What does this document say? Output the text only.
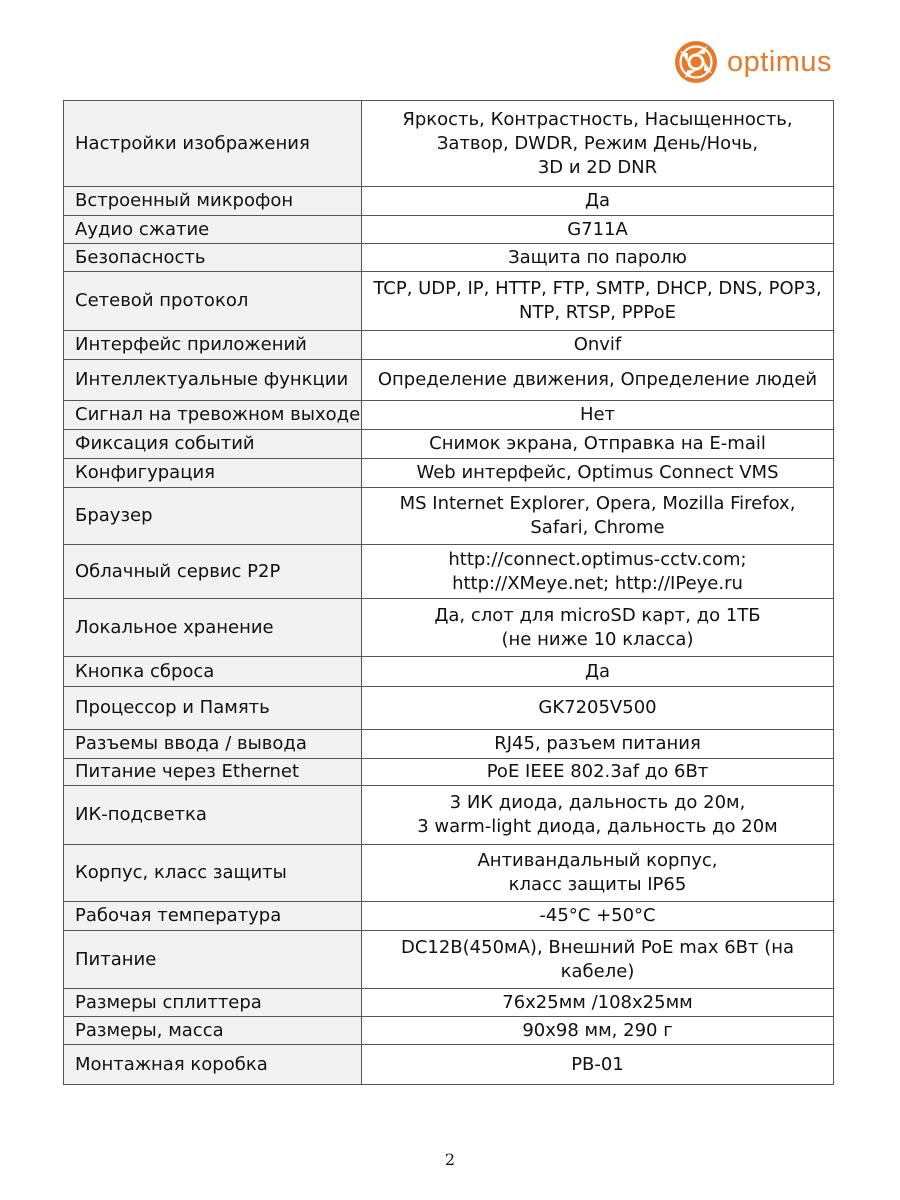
optimus
Настройки изображения	Яркость, Контрастность, Насыщенность,
Затвор, DWDR, Режим День/Ночь,
3D и 2D DNR
Встроенный микрофон	Да
Аудио сжатие	G711A
Безопасность	Защита по паролю
Сетевой протокол	TCP, UDP, IP, HTTP, FTP, SMTP, DHCP, DNS, POP3,
NTP, RTSP, PPPoE
Интерфейс приложений	Onvif
Интеллектуальные функции	Определение движения, Определение людей
Сигнал на тревожном выходе	Нет
Фиксация событий	Снимок экрана, Отправка на E-mail
Конфигурация	Web интерфейс, Optimus Connect VMS
Браузер	MS Internet Explorer, Opera, Mozilla Firefox,
Safari, Chrome
Облачный сервис P2P	http://connect.optimus-cctv.com;
http://XMeye.net; http://IPeye.ru
Локальное хранение	Да, слот для microSD карт, до 1ТБ
(не ниже 10 класса)
Кнопка сброса	Да
Процессор и Память	GK7205V500
Разъемы ввода / вывода	RJ45, разъем питания
Питание через Ethernet	PoE IEEE 802.3af до 6Вт
ИК-подсветка	3 ИК диода, дальность до 20м,
3 warm-light диода, дальность до 20м
Корпус, класс защиты	Антивандальный корпус,
класс защиты IP65
Рабочая температура	-45°C +50°C
Питание	DC12В(450мА), Внешний PoE max 6Вт (на кабеле)
Размеры сплиттера	76x25мм /108x25мм
Размеры, масса	90x98 мм, 290 г
Монтажная коробка	PB-01
2
